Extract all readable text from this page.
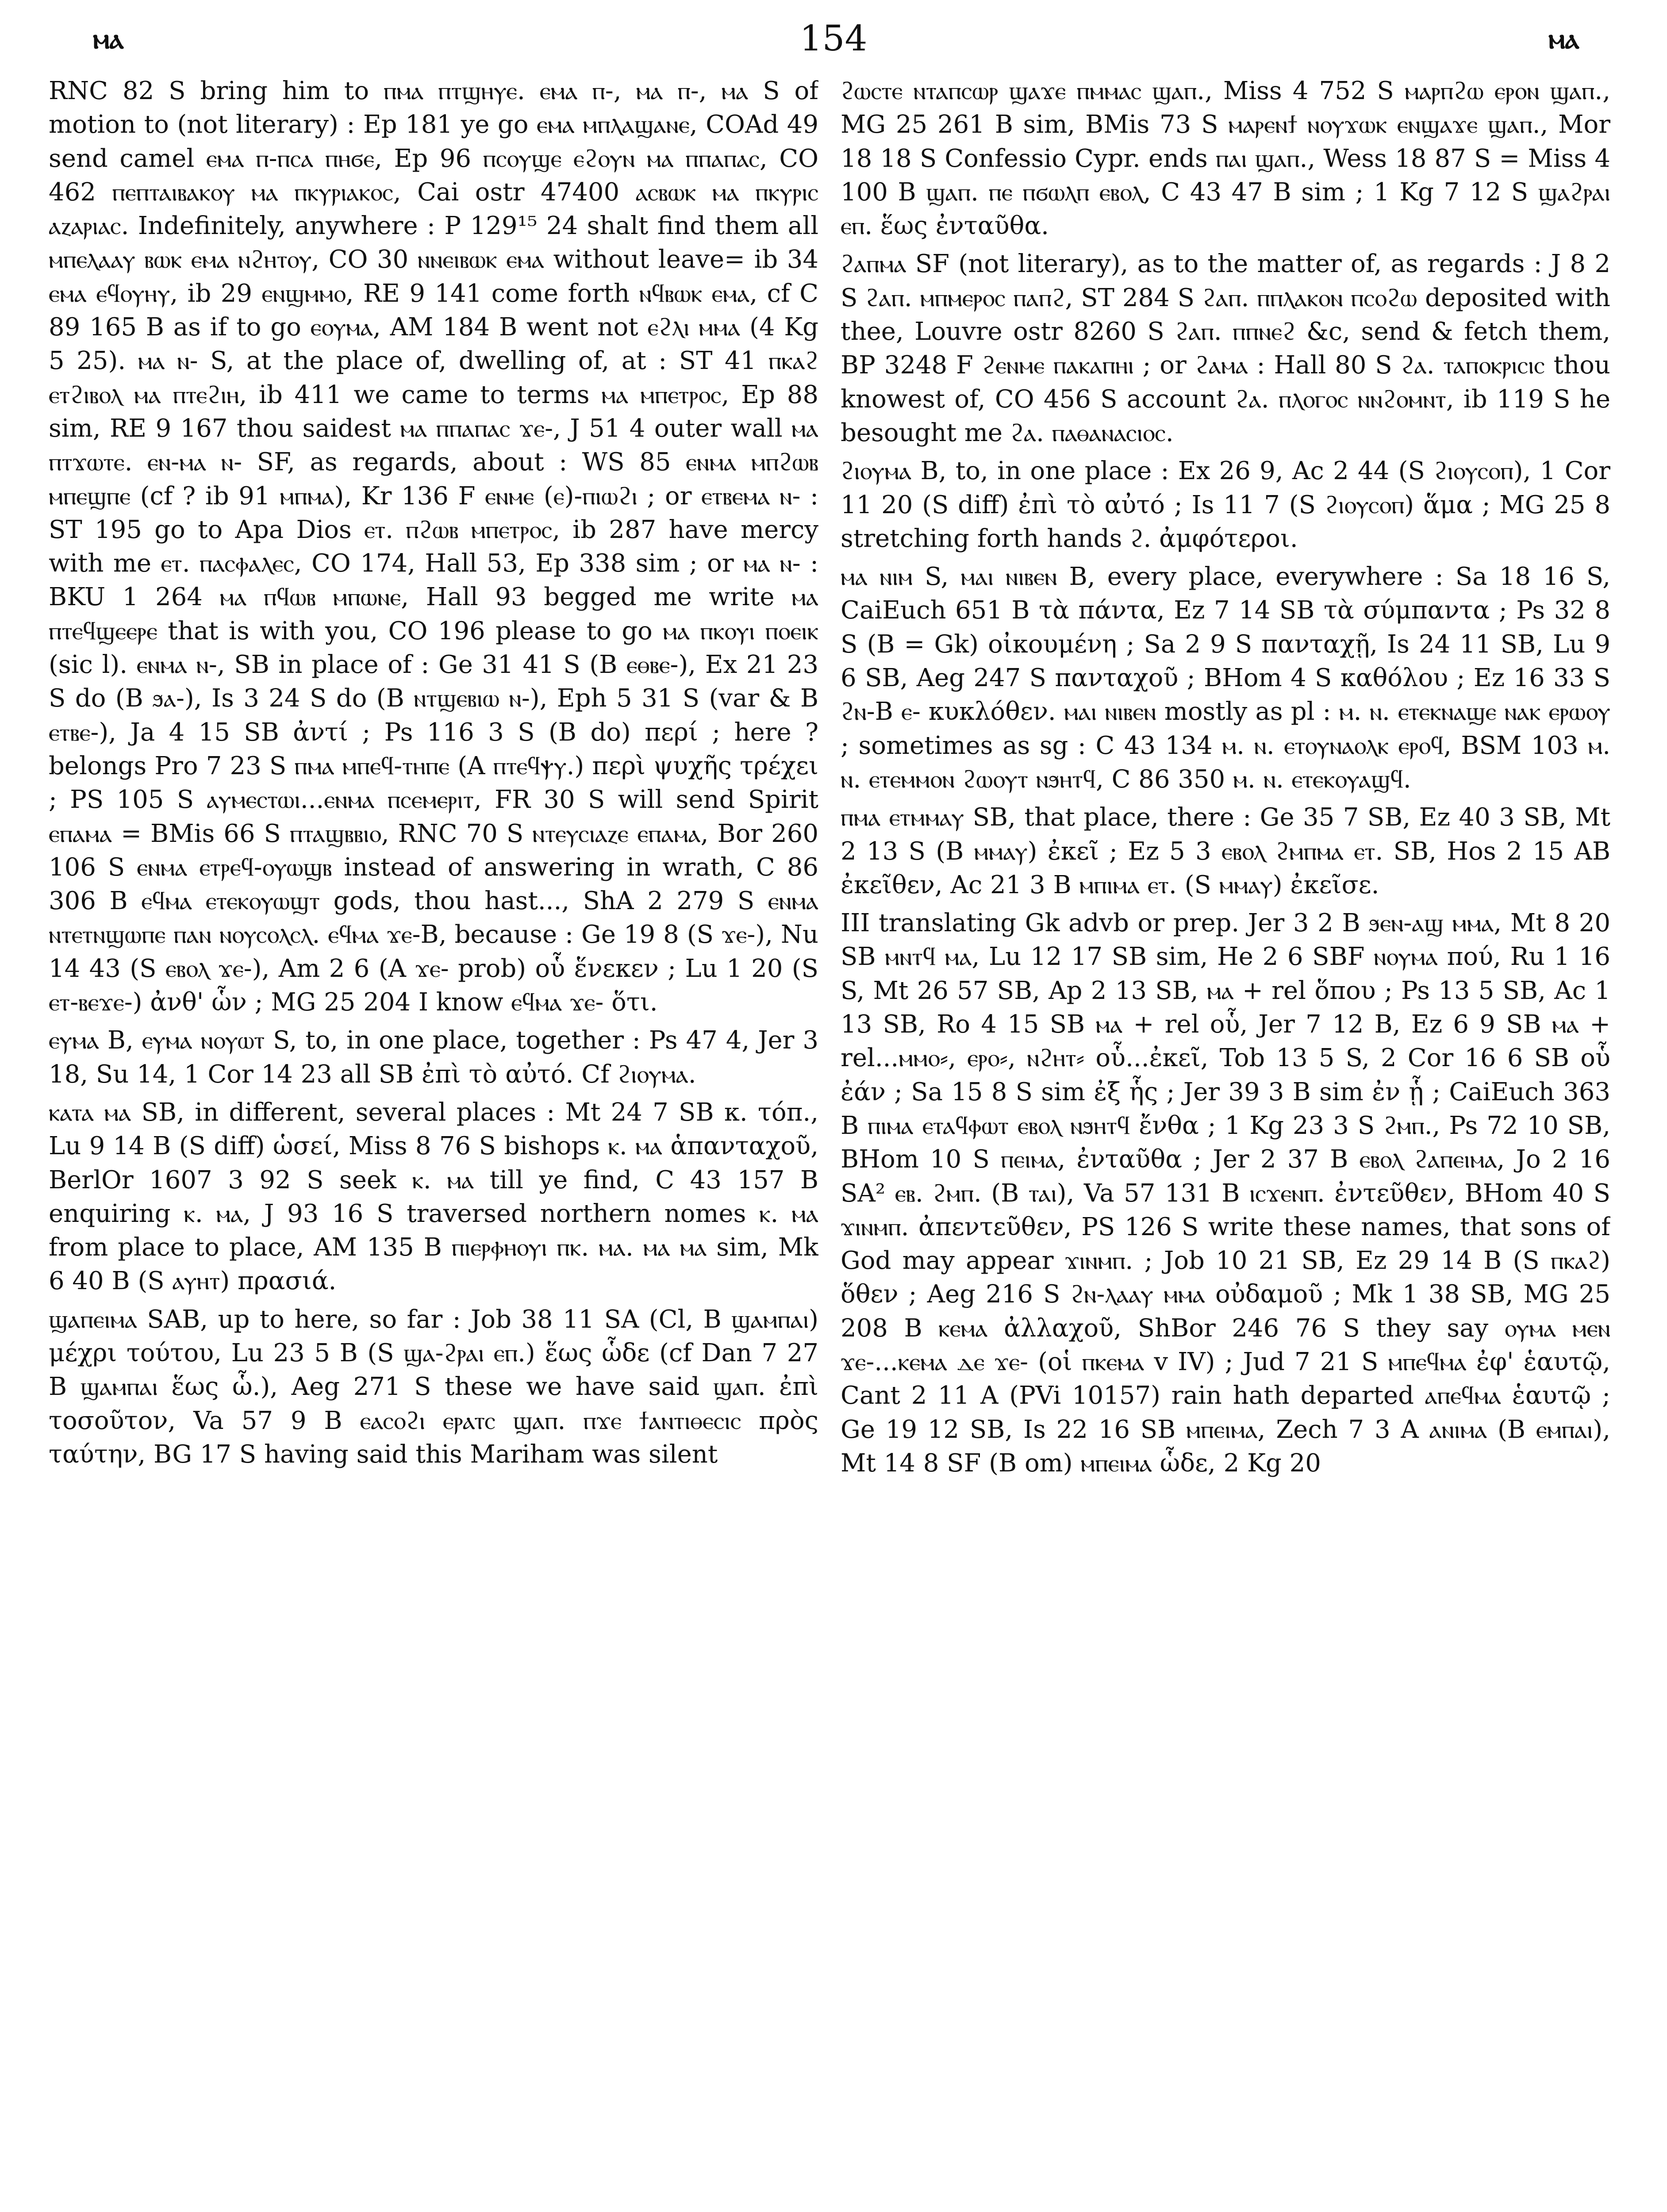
ⲙⲁ	154	ⲙⲁ

RNC 82 S bring him to ⲡⲙⲁ ⲡⲧϣⲏⲩⲉ. ⲉⲙⲁ ⲡ-, ⲙⲁ ⲡ-, ⲙⲁ S of motion to (not literary) : Ep 181 ye go ⲉⲙⲁ ⲙⲡⲗⲁϣⲁⲛⲉ, COAd 49 send camel ⲉⲙⲁ ⲡ-ⲡⲥⲁ ⲡⲏϭⲉ, Ep 96 ⲡⲥⲟⲩϣⲉ ⲉϩⲟⲩⲛ ⲙⲁ ⲡⲡⲁⲡⲁⲥ, CO 462 ⲡⲉⲡⲧⲁⲓⲃⲁⲕⲟⲩ ⲙⲁ ⲡⲕⲩⲣⲓⲁⲕⲟⲥ, Cai ostr 47400 ⲁⲥⲃⲱⲕ ⲙⲁ ⲡⲕⲩⲣⲓⲥ ⲁⲍⲁⲣⲓⲁⲥ. Indefinitely, anywhere : P 129¹⁵ 24 shalt find them all ⲙⲡⲉⲗⲁⲁⲩ ⲃⲱⲕ ⲉⲙⲁ ⲛϩⲏⲧⲟⲩ, CO 30 ⲛⲛⲉⲓⲃⲱⲕ ⲉⲙⲁ without leave= ib 34 ⲉⲙⲁ ⲉϥⲟⲩⲏⲩ, ib 29 ⲉⲛϣⲙⲙⲟ, RE 9 141 come forth ⲛϥⲃⲱⲕ ⲉⲙⲁ, cf C 89 165 B as if to go ⲉⲟⲩⲙⲁ, AM 184 B went not ⲉϩⲗⲓ ⲙⲙⲁ (4 Kg 5 25). ⲙⲁ ⲛ- S, at the place of, dwelling of, at : ST 41 ⲡⲕⲁϩ ⲉⲧϩⲓⲃⲟⲗ ⲙⲁ ⲡⲧⲉϩⲓⲏ, ib 411 we came to terms ⲙⲁ ⲙⲡⲉⲧⲣⲟⲥ, Ep 88 sim, RE 9 167 thou saidest ⲙⲁ ⲡⲡⲁⲡⲁⲥ ϫⲉ-, J 51 4 outer wall ⲙⲁ ⲡⲧϫⲱⲧⲉ. ⲉⲛ-ⲙⲁ ⲛ- SF, as regards, about : WS 85 ⲉⲛⲙⲁ ⲙⲡϩⲱⲃ ⲙⲡⲉϣⲡⲉ (cf ? ib 91 ⲙⲡⲙⲁ), Kr 136 F ⲉⲛⲙⲉ (ⲉ)-ⲡⲓⲱϩⲓ ; or ⲉⲧⲃⲉⲙⲁ ⲛ- : ST 195 go to Apa Dios ⲉⲧ. ⲡϩⲱⲃ ⲙⲡⲉⲧⲣⲟⲥ, ib 287 have mercy with me ⲉⲧ. ⲡⲁⲥⲫⲁⲗⲉⲥ, CO 174, Hall 53, Ep 338 sim ; or ⲙⲁ ⲛ- : BKU 1 264 ⲙⲁ ⲡϥⲱⲃ ⲙⲡⲱⲛⲉ, Hall 93 begged me write ⲙⲁ ⲡⲧⲉϥϣⲉⲉⲣⲉ that is with you, CO 196 please to go ⲙⲁ ⲡⲕⲟⲩⲓ ⲡⲟⲉⲓⲕ (sic l). ⲉⲛⲙⲁ ⲛ-, SB in place of : Ge 31 41 S (B ⲉⲑⲃⲉ-), Ex 21 23 S do (B ϧⲁ-), Is 3 24 S do (B ⲛⲧϣⲉⲃⲓⲱ ⲛ-), Eph 5 31 S (var & B ⲉⲧⲃⲉ-), Ja 4 15 SB ἀντί ; Ps 116 3 S (B do) περί ; here ? belongs Pro 7 23 S ⲡⲙⲁ ⲙⲡⲉϥ-ⲧⲏⲡⲉ (A ⲡⲧⲉϥⲯⲩ.) περὶ ψυχῆς τρέχει ; PS 105 S ⲁⲩⲙⲉⲥⲧⲱⲓ...ⲉⲛⲙⲁ ⲡⲥⲉⲙⲉⲣⲓⲧ, FR 30 S will send Spirit ⲉⲡⲁⲙⲁ = BMis 66 S ⲡⲧⲁϣⲃⲃⲓⲟ, RNC 70 S ⲛⲧⲉⲩⲥⲓⲁⲍⲉ ⲉⲡⲁⲙⲁ, Bor 260 106 S ⲉⲛⲙⲁ ⲉⲧⲣⲉϥ-ⲟⲩⲱϣⲃ instead of answering in wrath, C 86 306 B ⲉϥⲙⲁ ⲉⲧⲉⲕⲟⲩⲱϣⲧ gods, thou hast..., ShA 2 279 S ⲉⲛⲙⲁ ⲛⲧⲉⲧⲛϣⲱⲡⲉ ⲡⲁⲛ ⲛⲟⲩⲥⲟⲗⲥⲗ. ⲉϥⲙⲁ ϫⲉ-B, because : Ge 19 8 (S ϫⲉ-), Nu 14 43 (S ⲉⲃⲟⲗ ϫⲉ-), Am 2 6 (A ϫⲉ- prob) οὗ ἕνεκεν ; Lu 1 20 (S ⲉⲧ-ⲃⲉϫⲉ-) ἀνθ' ὧν ; MG 25 204 I know ⲉϥⲙⲁ ϫⲉ- ὅτι.

ⲉⲩⲙⲁ B, ⲉⲩⲙⲁ ⲛⲟⲩⲱⲧ S, to, in one place, together : Ps 47 4, Jer 3 18, Su 14, 1 Cor 14 23 all SB ἐπὶ τὸ αὐτό. Cf ϩⲓⲟⲩⲙⲁ.

ⲕⲁⲧⲁ ⲙⲁ SB, in different, several places : Mt 24 7 SB κ. τόπ., Lu 9 14 B (S diff) ὡσεί, Miss 8 76 S bishops ⲕ. ⲙⲁ ἁπανταχοῦ, BerlOr 1607 3 92 S seek ⲕ. ⲙⲁ till ye find, C 43 157 B enquiring ⲕ. ⲙⲁ, J 93 16 S traversed northern nomes ⲕ. ⲙⲁ from place to place, AM 135 B ⲡⲓⲉⲣⲫⲏⲟⲩⲓ ⲡⲕ. ⲙⲁ. ⲙⲁ ⲙⲁ sim, Mk 6 40 B (S ⲁⲩⲏⲧ) πρασιά.

ϣⲁⲡⲉⲓⲙⲁ SAB, up to here, so far : Job 38 11 SA (Cl, B ϣⲁⲙⲡⲁⲓ) μέχρι τούτου, Lu 23 5 B (S ϣⲁ-ϩⲣⲁⲓ ⲉⲡ.) ἕως ὧδε (cf Dan 7 27 B ϣⲁⲙⲡⲁⲓ ἕως ὧ.), Aeg 271 S these we have said ϣⲁⲡ. ἐπὶ τοσοῦτον, Va 57 9 B ⲉⲁⲥⲟϩⲓ ⲉⲣⲁⲧⲥ ϣⲁⲡ. ⲡϫⲉ ϯⲁⲛⲧⲓⲑⲉⲥⲓⲥ πρὸς ταύτην, BG 17 S having said this Mariham was silent

ϩⲱⲥⲧⲉ ⲛⲧⲁⲡⲥⲱⲣ ϣⲁϫⲉ ⲡⲙⲙⲁⲥ ϣⲁⲡ., Miss 4 752 S ⲙⲁⲣⲡϩⲱ ⲉⲣⲟⲛ ϣⲁⲡ., MG 25 261 B sim, BMis 73 S ⲙⲁⲣⲉⲛϯ ⲛⲟⲩϫⲱⲕ ⲉⲛϣⲁϫⲉ ϣⲁⲡ., Mor 18 18 S Confessio Cypr. ends ⲡⲁⲓ ϣⲁⲡ., Wess 18 87 S = Miss 4 100 B ϣⲁⲡ. ⲡⲉ ⲡϭⲱⲗⲡ ⲉⲃⲟⲗ, C 43 47 B sim ; 1 Kg 7 12 S ϣⲁϩⲣⲁⲓ ⲉⲡ. ἕως ἐνταῦθα.

ϩⲁⲡⲙⲁ SF (not literary), as to the matter of, as regards : J 8 2 S ϩⲁⲡ. ⲙⲡⲙⲉⲣⲟⲥ ⲡⲁⲡϩ, ST 284 S ϩⲁⲡ. ⲡⲡⲗⲁⲕⲟⲛ ⲡⲥⲟϩⲱ deposited with thee, Louvre ostr 8260 S ϩⲁⲡ. ⲡⲡⲛⲉϩ &c, send & fetch them, BP 3248 F ϩⲉⲛⲙⲉ ⲡⲁⲕⲁⲡⲏⲓ ; or ϩⲁⲙⲁ : Hall 80 S ϩⲁ. ⲧⲁⲡⲟⲕⲣⲓⲥⲓⲥ thou knowest of, CO 456 S account ϩⲁ. ⲡⲗⲟⲅⲟⲥ ⲛⲛϩⲟⲙⲛⲧ, ib 119 S he besought me ϩⲁ. ⲡⲁⲑⲁⲛⲁⲥⲓⲟⲥ.

ϩⲓⲟⲩⲙⲁ B, to, in one place : Ex 26 9, Ac 2 44 (S ϩⲓⲟⲩⲥⲟⲡ), 1 Cor 11 20 (S diff) ἐπὶ τὸ αὐτό ; Is 11 7 (S ϩⲓⲟⲩⲥⲟⲡ) ἅμα ; MG 25 8 stretching forth hands ϩ. ἀμφότεροι.

ⲙⲁ ⲛⲓⲙ S, ⲙⲁⲓ ⲛⲓⲃⲉⲛ B, every place, everywhere : Sa 18 16 S, CaiEuch 651 B τὰ πάντα, Ez 7 14 SB τὰ σύμπαντα ; Ps 32 8 S (B = Gk) οἰκουμένη ; Sa 2 9 S πανταχῇ, Is 24 11 SB, Lu 9 6 SB, Aeg 247 S πανταχοῦ ; BHom 4 S καθόλου ; Ez 16 33 S ϩⲛ-B ⲉ- κυκλόθεν. ⲙⲁⲓ ⲛⲓⲃⲉⲛ mostly as pl : ⲙ. ⲛ. ⲉⲧⲉⲕⲛⲁϣⲉ ⲛⲁⲕ ⲉⲣⲱⲟⲩ ; sometimes as sg : C 43 134 ⲙ. ⲛ. ⲉⲧⲟⲩⲛⲁⲟⲗⲕ ⲉⲣⲟϥ, BSM 103 ⲙ. ⲛ. ⲉⲧⲉⲙⲙⲟⲛ ϩⲱⲟⲩⲧ ⲛϧⲏⲧϥ, C 86 350 ⲙ. ⲛ. ⲉⲧⲉⲕⲟⲩⲁϣϥ.

ⲡⲙⲁ ⲉⲧⲙⲙⲁⲩ SB, that place, there : Ge 35 7 SB, Ez 40 3 SB, Mt 2 13 S (B ⲙⲙⲁⲩ) ἐκεῖ ; Ez 5 3 ⲉⲃⲟⲗ ϩⲙⲡⲙⲁ ⲉⲧ. SB, Hos 2 15 AB ἐκεῖθεν, Ac 21 3 B ⲙⲡⲓⲙⲁ ⲉⲧ. (S ⲙⲙⲁⲩ) ἐκεῖσε.

III translating Gk advb or prep. Jer 3 2 B ϧⲉⲛ-ⲁϣ ⲙⲙⲁ, Mt 8 20 SB ⲙⲛⲧϥ ⲙⲁ, Lu 12 17 SB sim, He 2 6 SBF ⲛⲟⲩⲙⲁ πού, Ru 1 16 S, Mt 26 57 SB, Ap 2 13 SB, ⲙⲁ + rel ὅπου ; Ps 13 5 SB, Ac 1 13 SB, Ro 4 15 SB ⲙⲁ + rel οὗ, Jer 7 12 B, Ez 6 9 SB ⲙⲁ + rel...ⲙⲙⲟ⸗, ⲉⲣⲟ⸗, ⲛϩⲏⲧ⸗ οὗ...ἐκεῖ, Tob 13 5 S, 2 Cor 16 6 SB οὗ ἐάν ; Sa 15 8 S sim ἐξ ἧς ; Jer 39 3 B sim ἐν ᾗ ; CaiEuch 363 B ⲡⲓⲙⲁ ⲉⲧⲁϥⲫⲱⲧ ⲉⲃⲟⲗ ⲛϧⲏⲧϥ ἔνθα ; 1 Kg 23 3 S ϩⲙⲡ., Ps 72 10 SB, BHom 10 S ⲡⲉⲓⲙⲁ, ἐνταῦθα ; Jer 2 37 B ⲉⲃⲟⲗ ϩⲁⲡⲉⲓⲙⲁ, Jo 2 16 SA² ⲉⲃ. ϩⲙⲡ. (B ⲧⲁⲓ), Va 57 131 B ⲓⲥϫⲉⲛⲡ. ἐντεῦθεν, BHom 40 S ϫⲓⲛⲙⲡ. ἀπεντεῦθεν, PS 126 S write these names, that sons of God may appear ϫⲓⲛⲙⲡ. ; Job 10 21 SB, Ez 29 14 B (S ⲡⲕⲁϩ) ὅθεν ; Aeg 216 S ϩⲛ-ⲗⲁⲁⲩ ⲙⲙⲁ οὐδαμοῦ ; Mk 1 38 SB, MG 25 208 B ⲕⲉⲙⲁ ἀλλαχοῦ, ShBor 246 76 S they say ⲟⲩⲙⲁ ⲙⲉⲛ ϫⲉ-...ⲕⲉⲙⲁ ⲇⲉ ϫⲉ- (οἱ ⲡⲕⲉⲙⲁ v IV) ; Jud 7 21 S ⲙⲡⲉϥⲙⲁ ἐφ' ἑαυτῷ, Cant 2 11 A (PVi 10157) rain hath departed ⲁⲡⲉϥⲙⲁ ἑαυτῷ ; Ge 19 12 SB, Is 22 16 SB ⲙⲡⲉⲓⲙⲁ, Zech 7 3 A ⲁⲛⲓⲙⲁ (B ⲉⲙⲡⲁⲓ), Mt 14 8 SF (B om) ⲙⲡⲉⲓⲙⲁ ὧδε, 2 Kg 20
